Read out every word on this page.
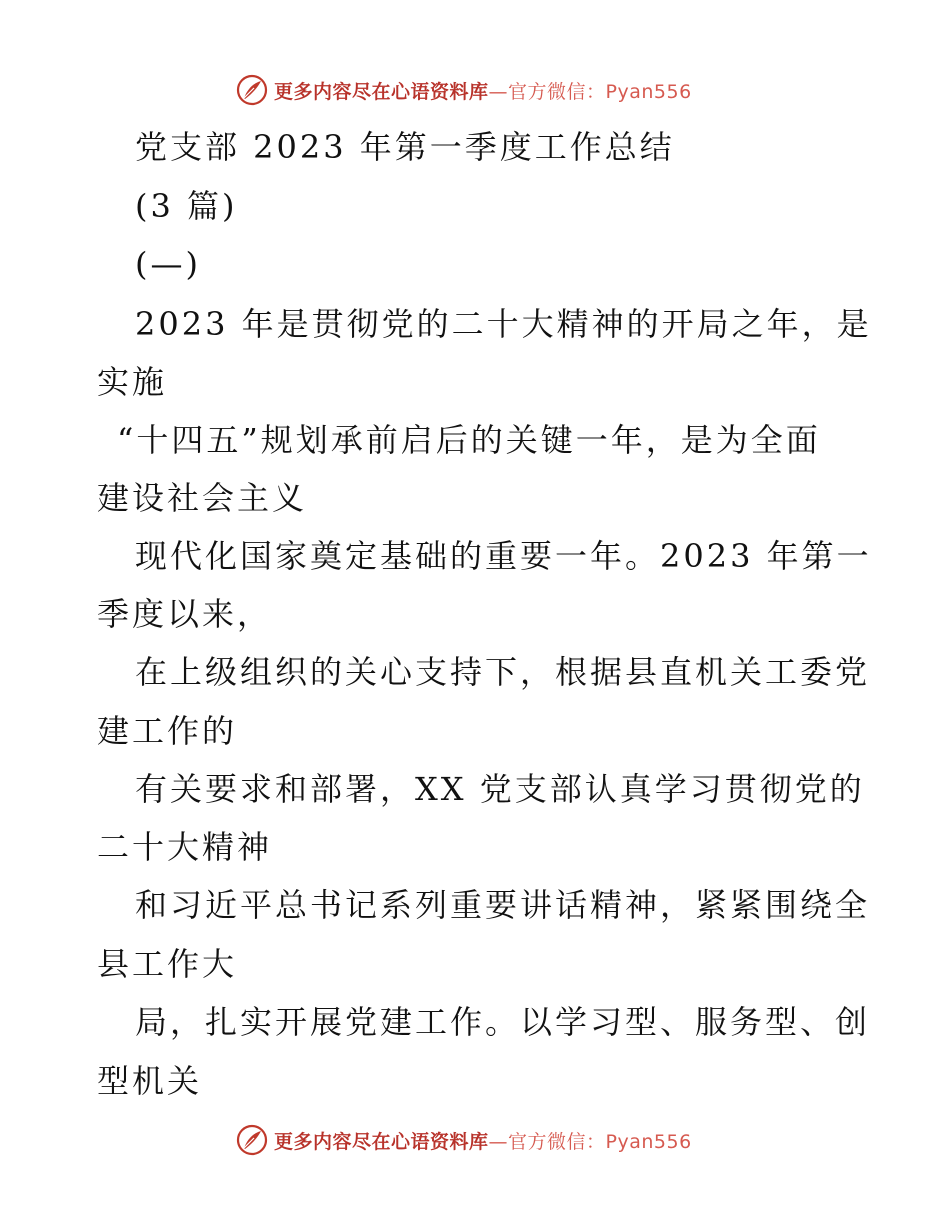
更多内容尽在心语资料库—官方微信：Pyan556
党支部 2023 年第一季度工作总结
(3 篇)
(—)
2023 年是贯彻党的二十大精神的开局之年，是
实施
“十四五”规划承前启后的关键一年，是为全面
建设社会主义
现代化国家奠定基础的重要一年。2023 年第一
季度以来，
在上级组织的关心支持下，根据县直机关工委党
建工作的
有关要求和部署，XX 党支部认真学习贯彻党的
二十大精神
和习近平总书记系列重要讲话精神，紧紧围绕全
县工作大
局，扎实开展党建工作。以学习型、服务型、创
型机关
更多内容尽在心语资料库—官方微信：Pyan556
